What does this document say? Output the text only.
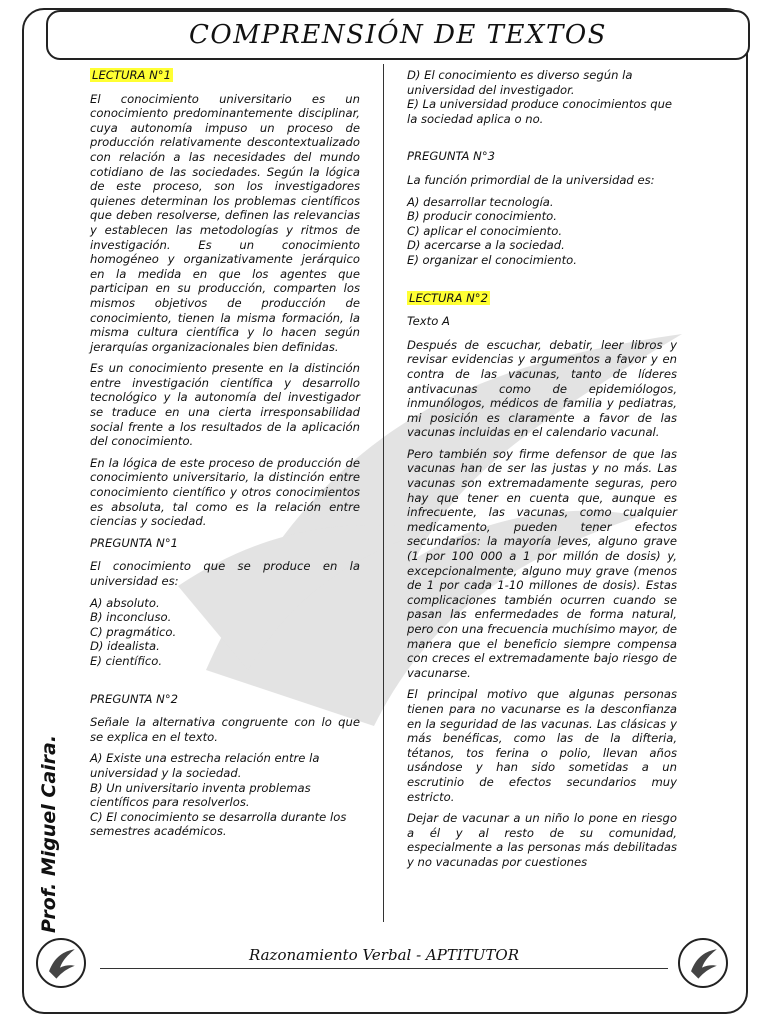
COMPRENSIÓN DE TEXTOS
Prof. Miguel Caira.

LECTURA N°1

El conocimiento universitario es un conocimiento predominantemente disciplinar, cuya autonomía impuso un proceso de producción relativamente descontextualizado con relación a las necesidades del mundo cotidiano de las sociedades. Según la lógica de este proceso, son los investigadores quienes determinan los problemas científicos que deben resolverse, definen las relevancias y establecen las metodologías y ritmos de investigación. Es un conocimiento homogéneo y organizativamente jerárquico en la medida en que los agentes que participan en su producción, comparten los mismos objetivos de producción de conocimiento, tienen la misma formación, la misma cultura científica y lo hacen según jerarquías organizacionales bien definidas.

Es un conocimiento presente en la distinción entre investigación científica y desarrollo tecnológico y la autonomía del investigador se traduce en una cierta irresponsabilidad social frente a los resultados de la aplicación del conocimiento.

En la lógica de este proceso de producción de conocimiento universitario, la distinción entre conocimiento científico y otros conocimientos es absoluta, tal como es la relación entre ciencias y sociedad.

PREGUNTA N°1

El conocimiento que se produce en la universidad es:

A) absoluto.
B) inconcluso.
C) pragmático.
D) idealista.
E) científico.

PREGUNTA N°2

Señale la alternativa congruente con lo que se explica en el texto.

A) Existe una estrecha relación entre la universidad y la sociedad.
B) Un universitario inventa problemas científicos para resolverlos.
C) El conocimiento se desarrolla durante los semestres académicos.
D) El conocimiento es diverso según la universidad del investigador.
E) La universidad produce conocimientos que la sociedad aplica o no.

PREGUNTA N°3

La función primordial de la universidad es:

A) desarrollar tecnología.
B) producir conocimiento.
C) aplicar el conocimiento.
D) acercarse a la sociedad.
E) organizar el conocimiento.

LECTURA N°2

Texto A

Después de escuchar, debatir, leer libros y revisar evidencias y argumentos a favor y en contra de las vacunas, tanto de líderes antivacunas como de epidemiólogos, inmunólogos, médicos de familia y pediatras, mi posición es claramente a favor de las vacunas incluidas en el calendario vacunal.

Pero también soy firme defensor de que las vacunas han de ser las justas y no más. Las vacunas son extremadamente seguras, pero hay que tener en cuenta que, aunque es infrecuente, las vacunas, como cualquier medicamento, pueden tener efectos secundarios: la mayoría leves, alguno grave (1 por 100 000 a 1 por millón de dosis) y, excepcionalmente, alguno muy grave (menos de 1 por cada 1-10 millones de dosis). Estas complicaciones también ocurren cuando se pasan las enfermedades de forma natural, pero con una frecuencia muchísimo mayor, de manera que el beneficio siempre compensa con creces el extremadamente bajo riesgo de vacunarse.

El principal motivo que algunas personas tienen para no vacunarse es la desconfianza en la seguridad de las vacunas. Las clásicas y más benéficas, como las de la difteria, tétanos, tos ferina o polio, llevan años usándose y han sido sometidas a un escrutinio de efectos secundarios muy estricto.

Dejar de vacunar a un niño lo pone en riesgo a él y al resto de su comunidad, especialmente a las personas más debilitadas y no vacunadas por cuestiones

Razonamiento Verbal - APTITUTOR
